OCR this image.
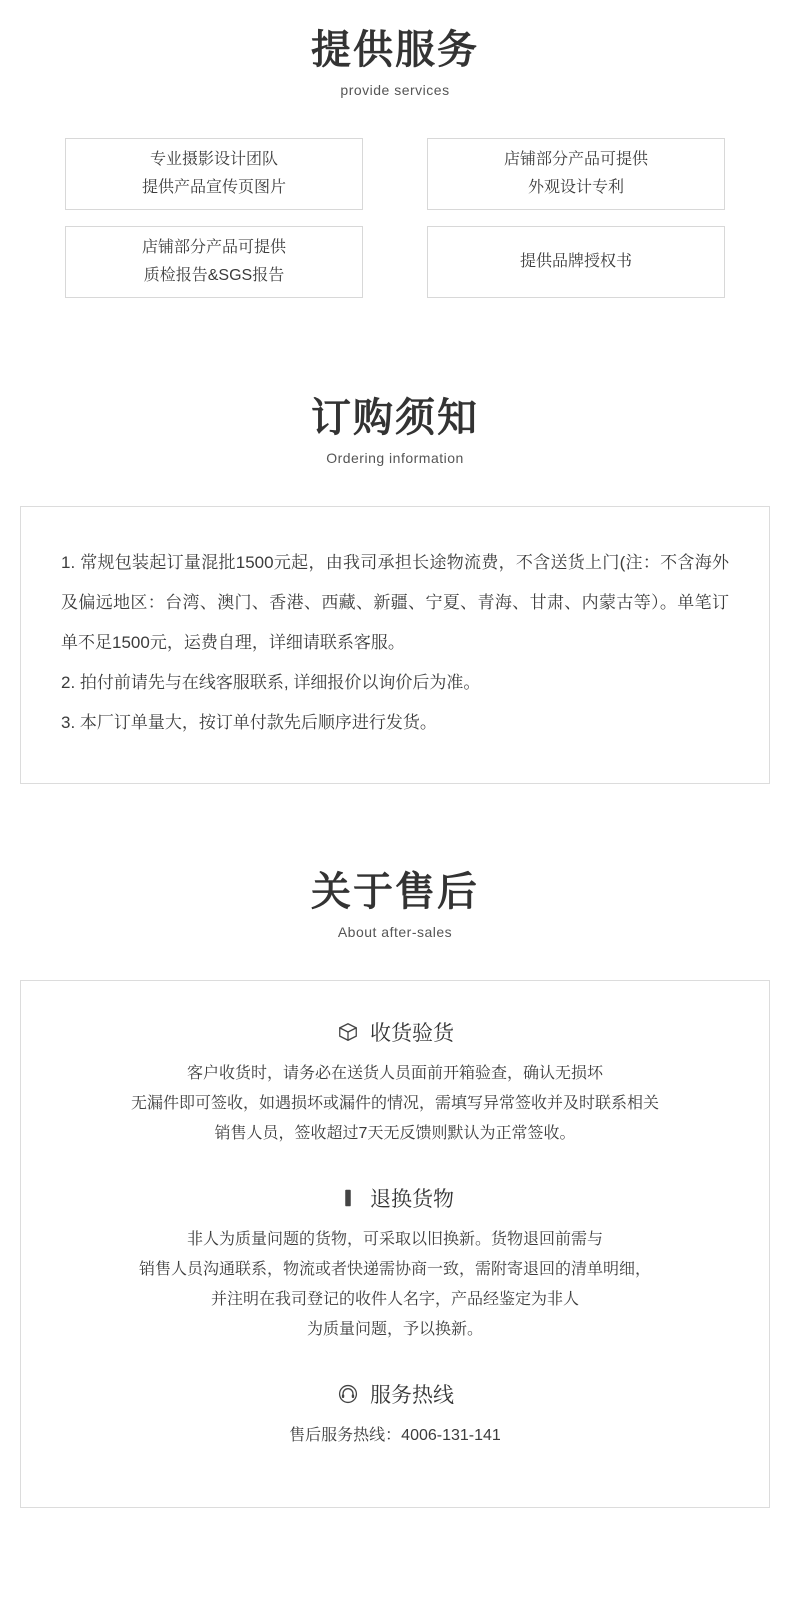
提供服务
provide services
专业摄影设计团队
提供产品宣传页图片
店铺部分产品可提供
外观设计专利
店铺部分产品可提供
质检报告&SGS报告
提供品牌授权书
订购须知
Ordering information
1. 常规包装起订量混批1500元起，由我司承担长途物流费，不含送货上门(注：不含海外及偏远地区：台湾、澳门、香港、西藏、新疆、宁夏、青海、甘肃、内蒙古等）。单笔订单不足1500元，运费自理，详细请联系客服。
2. 拍付前请先与在线客服联系, 详细报价以询价后为准。
3. 本厂订单量大，按订单付款先后顺序进行发货。
关于售后
About after-sales
收货验货

客户收货时，请务必在送货人员面前开箱验查，确认无损坏

无漏件即可签收，如遇损坏或漏件的情况，需填写异常签收并及时联系相关

销售人员，签收超过7天无反馈则默认为正常签收。

退换货物

非人为质量问题的货物，可采取以旧换新。货物退回前需与

销售人员沟通联系，物流或者快递需协商一致，需附寄退回的清单明细，

并注明在我司登记的收件人名字，产品经鉴定为非人

为质量问题，予以换新。

服务热线
售后服务热线：4006-131-141
